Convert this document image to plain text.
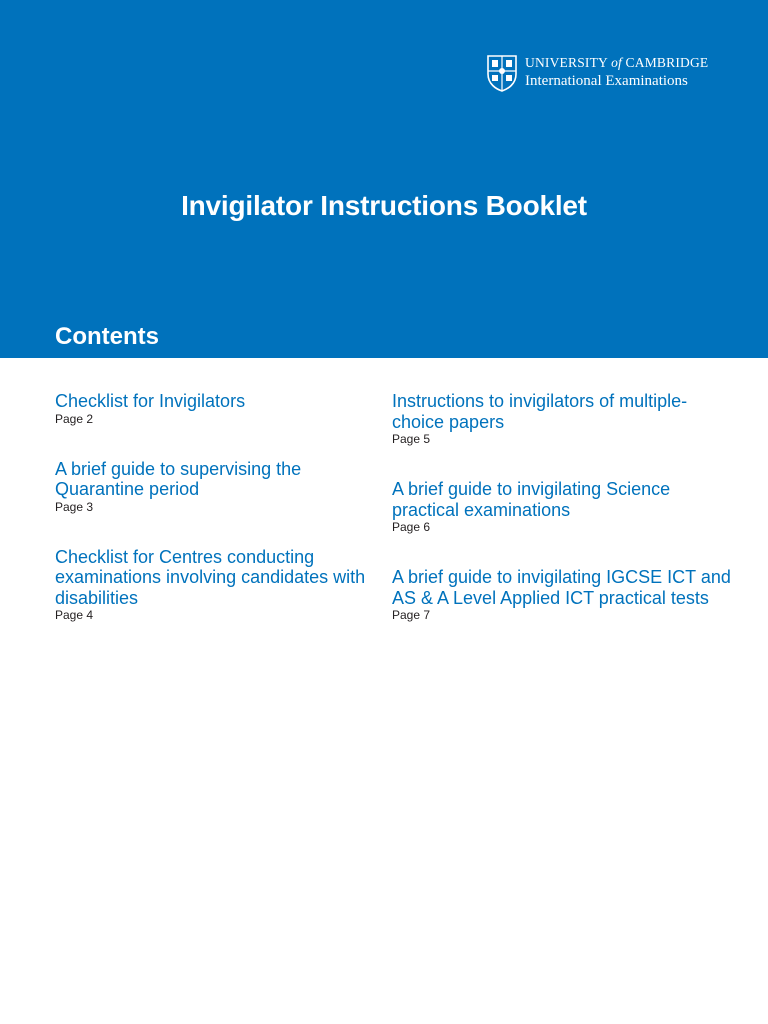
UNIVERSITY of CAMBRIDGE
International Examinations
Invigilator Instructions Booklet
Contents
Checklist for Invigilators
Page 2
A brief guide to supervising the Quarantine period
Page 3
Checklist for Centres conducting examinations involving candidates with disabilities
Page 4
Instructions to invigilators of multiple-choice papers
Page 5
A brief guide to invigilating Science practical examinations
Page 6
A brief guide to invigilating IGCSE ICT and AS & A Level Applied ICT practical tests
Page 7
